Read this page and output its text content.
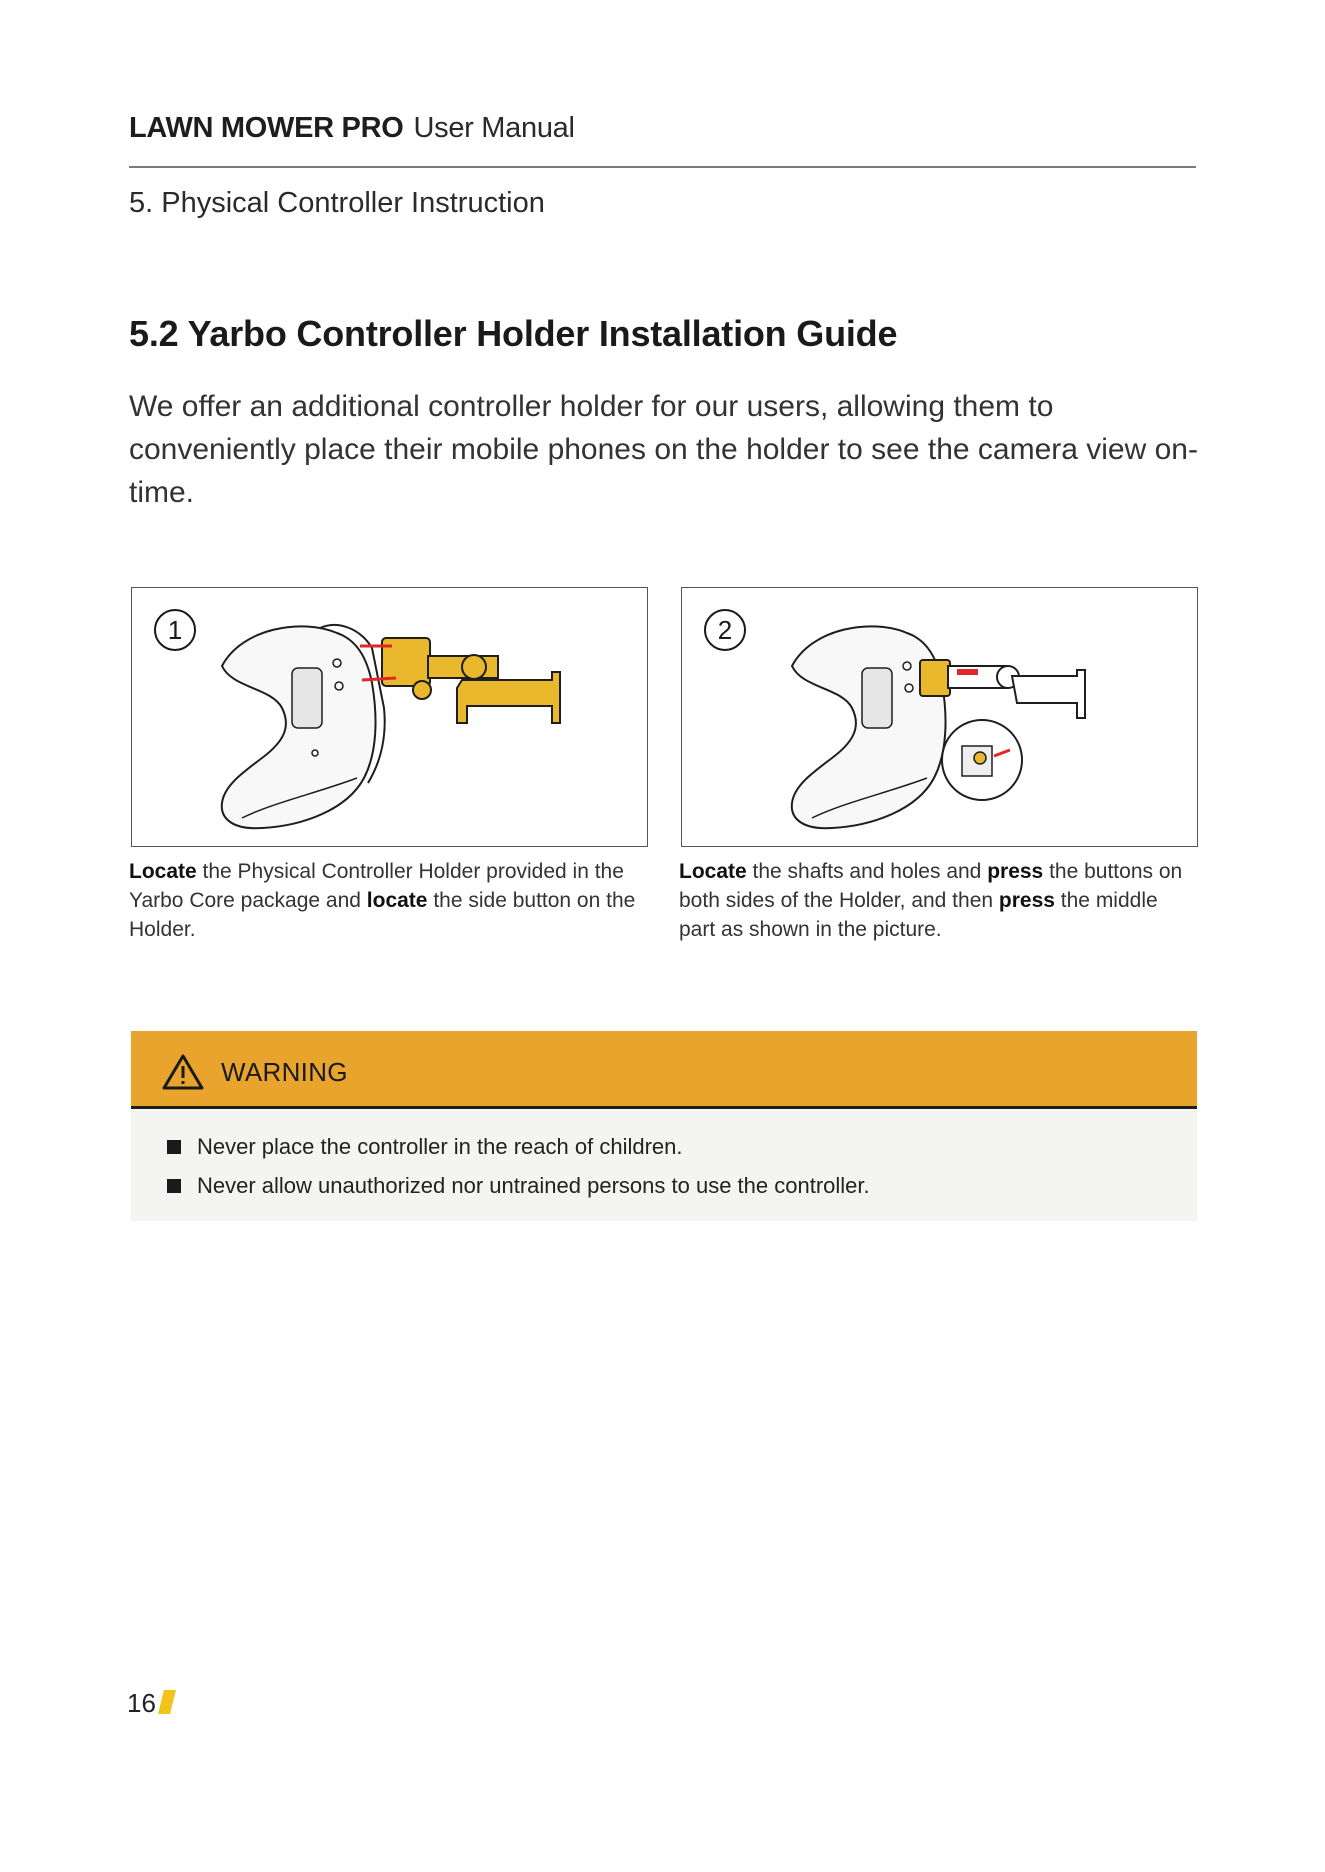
LAWN MOWER PRO User Manual
5. Physical Controller Instruction
5.2 Yarbo Controller Holder Installation Guide

We offer an additional controller holder for our users, allowing them to conveniently place their mobile phones on the holder to see the camera view on-time.

1	2

Locate the Physical Controller Holder provided in the Yarbo Core package and locate the side button on the Holder.

Locate the shafts and holes and press the buttons on both sides of the Holder, and then press the middle part as shown in the picture.

WARNING
Never place the controller in the reach of children.
Never allow unauthorized nor untrained persons to use the controller.
16
